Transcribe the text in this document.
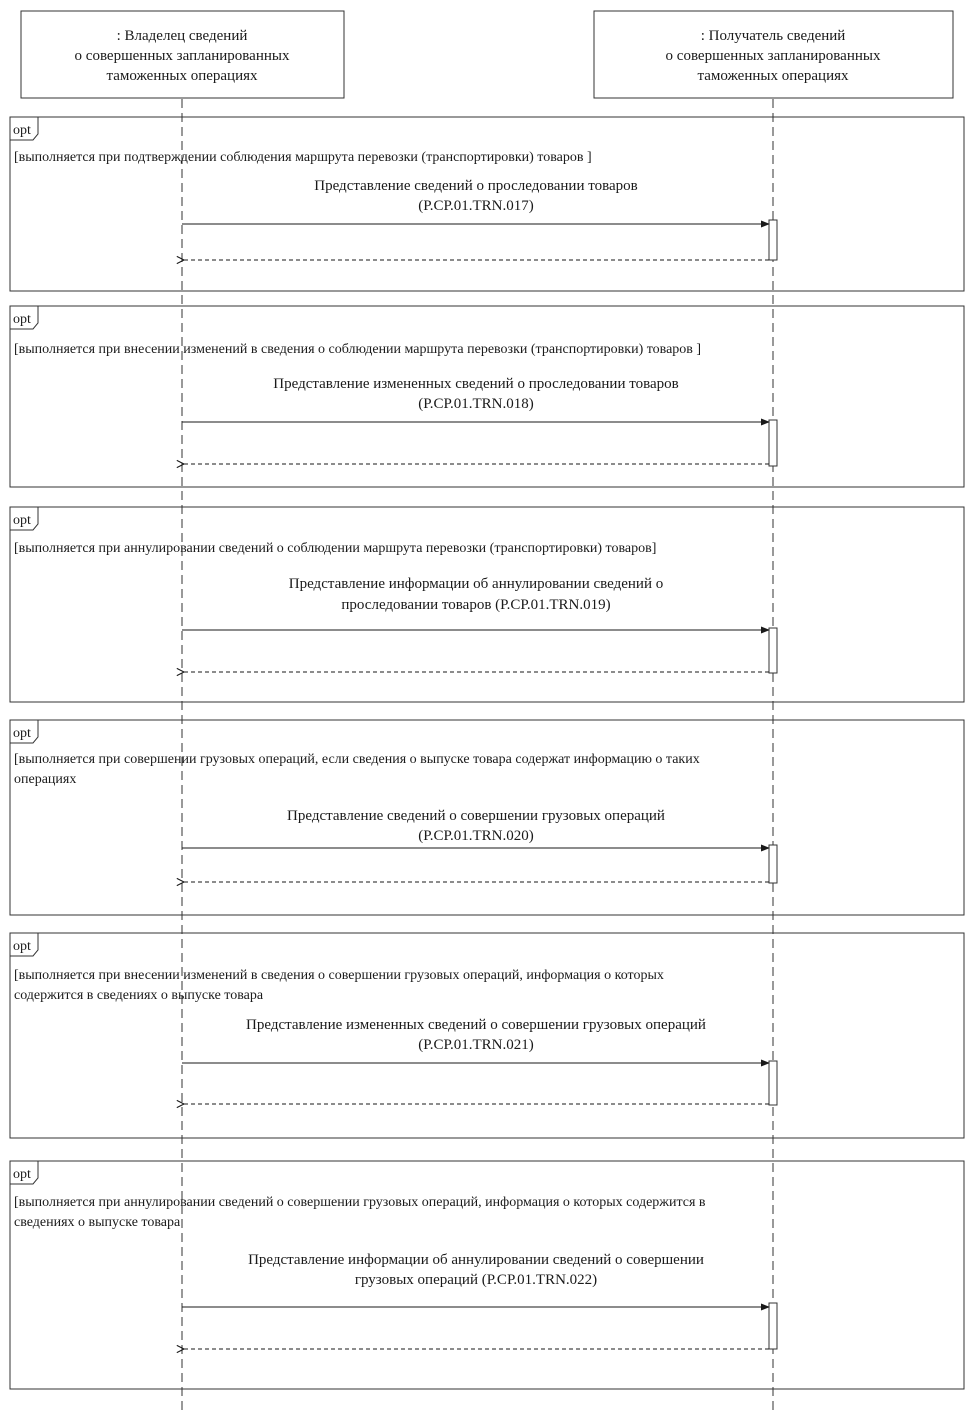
: Владелец сведений
о совершенных запланированных
таможенных операциях
: Получатель сведений
о совершенных запланированных
таможенных операциях
opt
[выполняется при подтверждении соблюдения маршрута перевозки (транспортировки) товаров ]
Представление сведений о проследовании товаров
(Р.СР.01.TRN.017)
opt
[выполняется при внесении изменений в сведения о соблюдении маршрута перевозки (транспортировки) товаров ]
Представление измененных сведений о проследовании товаров
(Р.СР.01.TRN.018)
opt
[выполняется при аннулировании сведений о соблюдении маршрута перевозки (транспортировки) товаров]
Представление информации об аннулировании сведений о
проследовании товаров (Р.СР.01.TRN.019)
opt
[выполняется при совершении грузовых операций, если сведения о выпуске товара содержат информацию о таких
операциях
Представление сведений о совершении грузовых операций
(Р.СР.01.TRN.020)
opt
[выполняется при внесении изменений в сведения о совершении грузовых операций, информация о которых
содержится в сведениях о выпуске товара
Представление измененных сведений о совершении грузовых операций
(Р.СР.01.TRN.021)
opt
[выполняется при аннулировании сведений о совершении грузовых операций, информация о которых содержится в
сведениях о выпуске товара
Представление информации об аннулировании сведений о совершении
грузовых операций (Р.СР.01.TRN.022)
